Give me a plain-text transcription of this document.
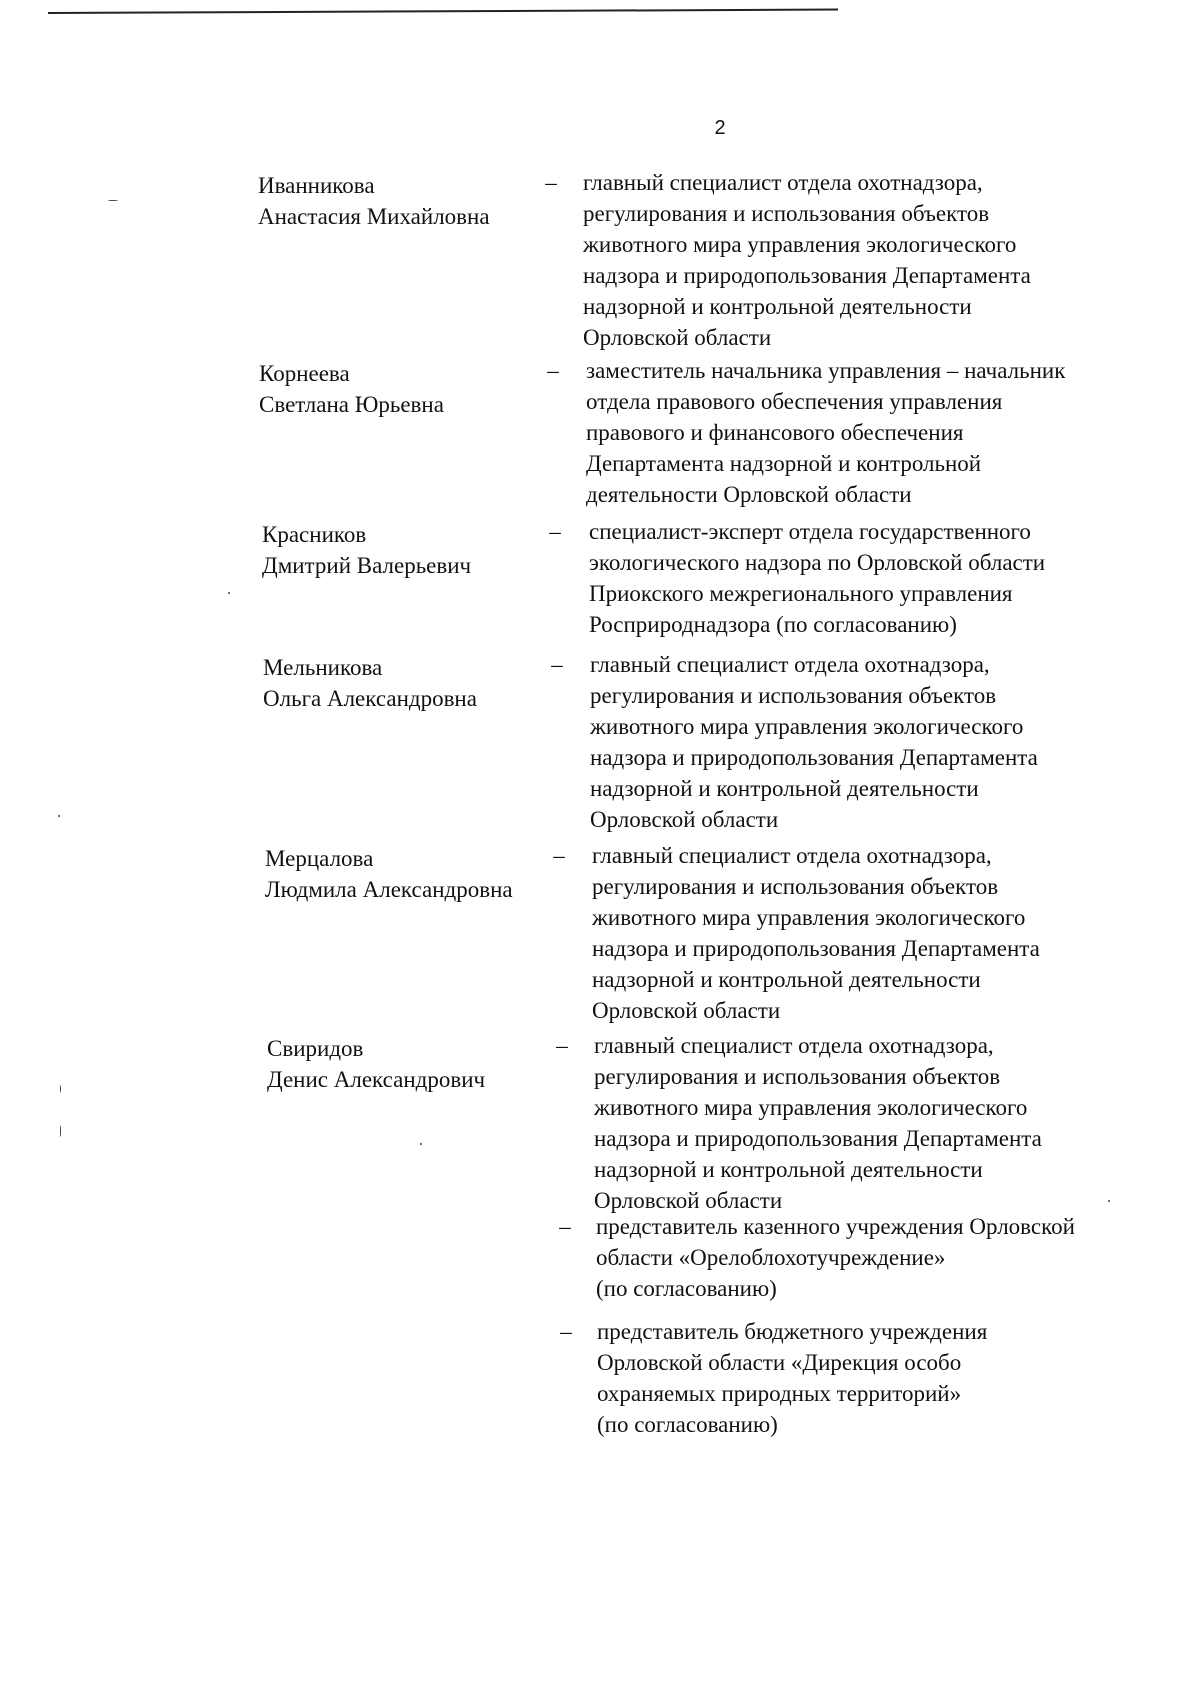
2
Иванникова
Анастасия Михайловна
– главный специалист отдела охотнадзора,
регулирования и использования объектов
животного мира управления экологического
надзора и природопользования Департамента
надзорной и контрольной деятельности
Орловской области
Корнеева
Светлана Юрьевна
– заместитель начальника управления – начальник
отдела правового обеспечения управления
правового и финансового обеспечения
Департамента надзорной и контрольной
деятельности Орловской области
Красников
Дмитрий Валерьевич
– специалист-эксперт отдела государственного
экологического надзора по Орловской области
Приокского межрегионального управления
Росприроднадзора (по согласованию)
Мельникова
Ольга Александровна
– главный специалист отдела охотнадзора,
регулирования и использования объектов
животного мира управления экологического
надзора и природопользования Департамента
надзорной и контрольной деятельности
Орловской области
Мерцалова
Людмила Александровна
– главный специалист отдела охотнадзора,
регулирования и использования объектов
животного мира управления экологического
надзора и природопользования Департамента
надзорной и контрольной деятельности
Орловской области
Свиридов
Денис Александрович
– главный специалист отдела охотнадзора,
регулирования и использования объектов
животного мира управления экологического
надзора и природопользования Департамента
надзорной и контрольной деятельности
Орловской области
– представитель казенного учреждения Орловской
области «Орелоблохотучреждение»
(по согласованию)
– представитель бюджетного учреждения
Орловской области «Дирекция особо
охраняемых природных территорий»
(по согласованию)
